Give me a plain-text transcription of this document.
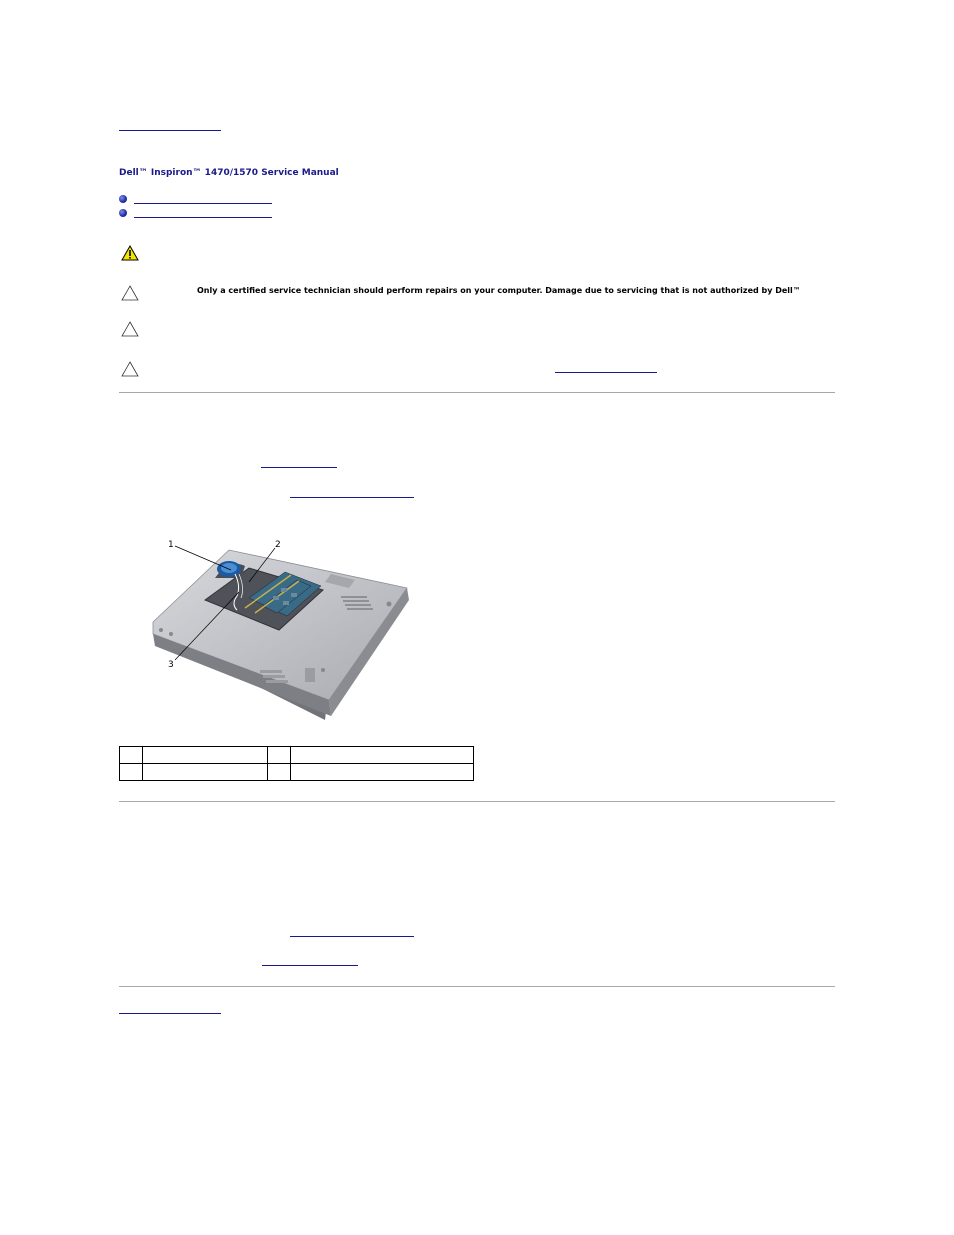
Dell™ Inspiron™ 1470/1570 Service Manual
Only a certified service technician should perform repairs on your computer. Damage due to servicing that is not authorized by Dell™
1	2
3
